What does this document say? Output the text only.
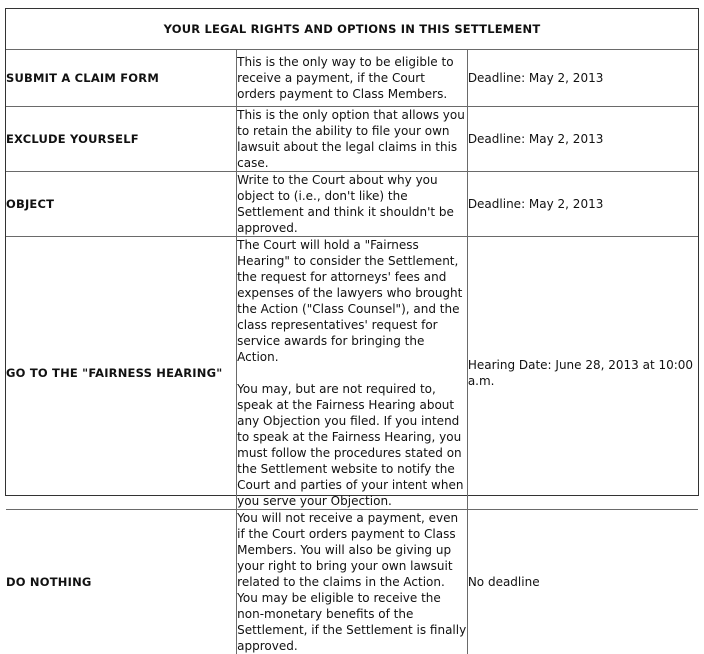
YOUR LEGAL RIGHTS AND OPTIONS IN THIS SETTLEMENT		
SUBMIT A CLAIM FORM	This is the only way to be eligible to receive a payment, if the Court orders payment to Class Members.	Deadline: May 2, 2013
EXCLUDE YOURSELF	This is the only option that allows you to retain the ability to file your own lawsuit about the legal claims in this case.	Deadline: May 2, 2013
OBJECT	Write to the Court about why you object to (i.e., don't like) the Settlement and think it shouldn't be approved.	Deadline: May 2, 2013
GO TO THE "FAIRNESS HEARING"	The Court will hold a "Fairness Hearing" to consider the Settlement, the request for attorneys' fees and expenses of the lawyers who brought the Action ("Class Counsel"), and the class representatives' request for service awards for bringing the Action.

You may, but are not required to, speak at the Fairness Hearing about any Objection you filed. If you intend to speak at the Fairness Hearing, you must follow the procedures stated on the Settlement website to notify the Court and parties of your intent when you serve your Objection.	Hearing Date: June 28, 2013 at 10:00 a.m.
DO NOTHING	You will not receive a payment, even if the Court orders payment to Class Members. You will also be giving up your right to bring your own lawsuit related to the claims in the Action. You may be eligible to receive the non-monetary benefits of the Settlement, if the Settlement is finally approved.	No deadline
